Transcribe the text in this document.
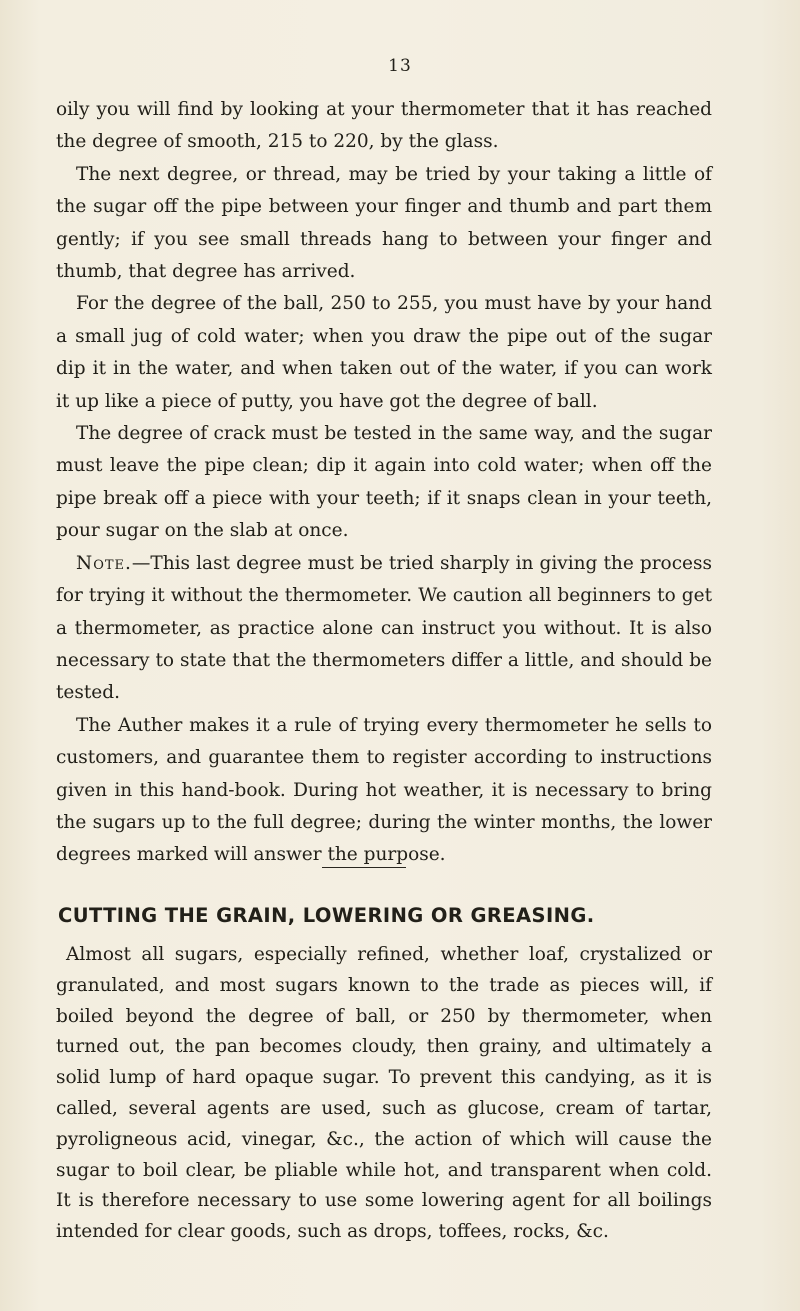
13

oily you will find by looking at your thermometer that it has reached the degree of smooth, 215 to 220, by the glass.

The next degree, or thread, may be tried by your taking a little of the sugar off the pipe between your finger and thumb and part them gently; if you see small threads hang to between your finger and thumb, that degree has arrived.

For the degree of the ball, 250 to 255, you must have by your hand a small jug of cold water; when you draw the pipe out of the sugar dip it in the water, and when taken out of the water, if you can work it up like a piece of putty, you have got the degree of ball.

The degree of crack must be tested in the same way, and the sugar must leave the pipe clean; dip it again into cold water; when off the pipe break off a piece with your teeth; if it snaps clean in your teeth, pour sugar on the slab at once.

Note.—This last degree must be tried sharply in giving the process for trying it without the thermometer. We caution all beginners to get a thermometer, as practice alone can instruct you without. It is also necessary to state that the thermometers differ a little, and should be tested.

The Auther makes it a rule of trying every thermometer he sells to customers, and guarantee them to register according to instructions given in this hand-book. During hot weather, it is necessary to bring the sugars up to the full degree; during the winter months, the lower degrees marked will answer the purpose.

CUTTING THE GRAIN, LOWERING OR GREASING.

Almost all sugars, especially refined, whether loaf, crystalized or granulated, and most sugars known to the trade as pieces will, if boiled beyond the degree of ball, or 250 by thermometer, when turned out, the pan becomes cloudy, then grainy, and ultimately a solid lump of hard opaque sugar. To prevent this candying, as it is called, several agents are used, such as glucose, cream of tartar, pyroligneous acid, vinegar, &c., the action of which will cause the sugar to boil clear, be pliable while hot, and transparent when cold. It is therefore necessary to use some lowering agent for all boilings intended for clear goods, such as drops, toffees, rocks, &c.
